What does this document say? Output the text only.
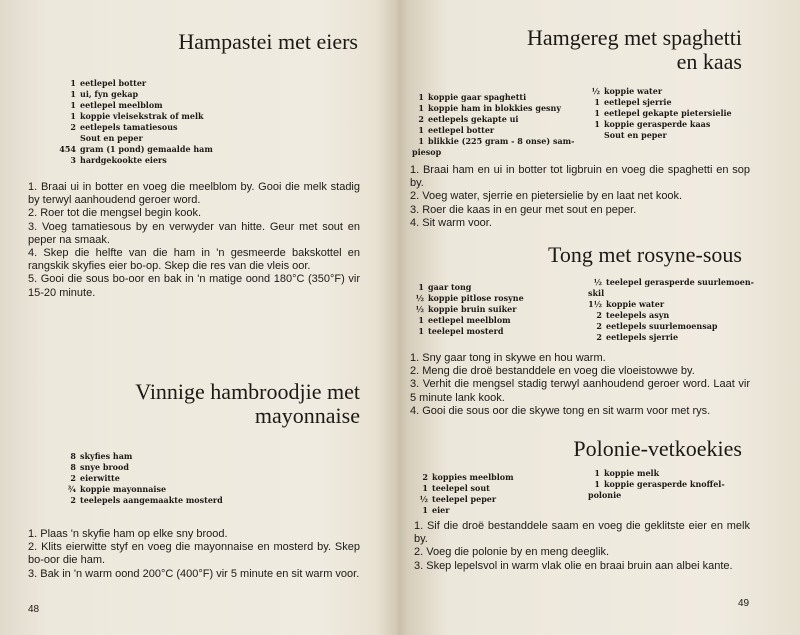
Hampastei met eiers
1 eetlepel botter
1 ui, fyn gekap
1 eetlepel meelblom
1 koppie vleisekstrak of melk
2 eetlepels tamatiesous
Sout en peper
454 gram (1 pond) gemaalde ham
3 hardgekookte eiers

1. Braai ui in botter en voeg die meelblom by. Gooi die melk stadig by terwyl aanhoudend geroer word.

2. Roer tot die mengsel begin kook.

3. Voeg tamatiesous by en verwyder van hitte. Geur met sout en peper na smaak.

4. Skep die helfte van die ham in 'n gesmeerde bakskottel en rangskik skyfies eier bo-op. Skep die res van die vleis oor.

5. Gooi die sous bo-oor en bak in 'n matige oond 180°C (350°F) vir 15-20 minute.

Vinnige hambroodjie met
mayonnaise
8 skyfies ham
8 snye brood
2 eierwitte
¾ koppie mayonnaise
2 teelepels aangemaakte mosterd

1. Plaas 'n skyfie ham op elke sny brood.

2. Klits eierwitte styf en voeg die mayonnaise en mosterd by. Skep bo-oor die ham.

3. Bak in 'n warm oond 200°C (400°F) vir 5 minute en sit warm voor.

48
Hamgereg met spaghetti
en kaas
1 koppie gaar spaghetti
1 koppie ham in blokkies gesny
2 eetlepels gekapte ui
1 eetlepel botter
1 blikkie (225 gram - 8 onse) sam-
piesop
½ koppie water
1 eetlepel sjerrie
1 eetlepel gekapte pietersielie
1 koppie gerasperde kaas
Sout en peper

1. Braai ham en ui in botter tot ligbruin en voeg die spaghetti en sop by.

2. Voeg water, sjerrie en pietersielie by en laat net kook.

3. Roer die kaas in en geur met sout en peper.

4. Sit warm voor.

Tong met rosyne-sous
1 gaar tong
½ koppie pitlose rosyne
½ koppie bruin suiker
1 eetlepel meelblom
1 teelepel mosterd
½ teelepel gerasperde suurlemoen-
skil
1½ koppie water
2 teelepels asyn
2 eetlepels suurlemoensap
2 eetlepels sjerrie

1. Sny gaar tong in skywe en hou warm.

2. Meng die droë bestanddele en voeg die vloeistowwe by.

3. Verhit die mengsel stadig terwyl aanhoudend geroer word. Laat vir 5 minute lank kook.

4. Gooi die sous oor die skywe tong en sit warm voor met rys.

Polonie-vetkoekies
2 koppies meelblom
1 teelepel sout
½ teelepel peper
1 eier
1 koppie melk
1 koppie gerasperde knoffel-
polonie

1. Sif die droë bestanddele saam en voeg die geklitste eier en melk by.

2. Voeg die polonie by en meng deeglik.

3. Skep lepelsvol in warm vlak olie en braai bruin aan albei kante.

49
